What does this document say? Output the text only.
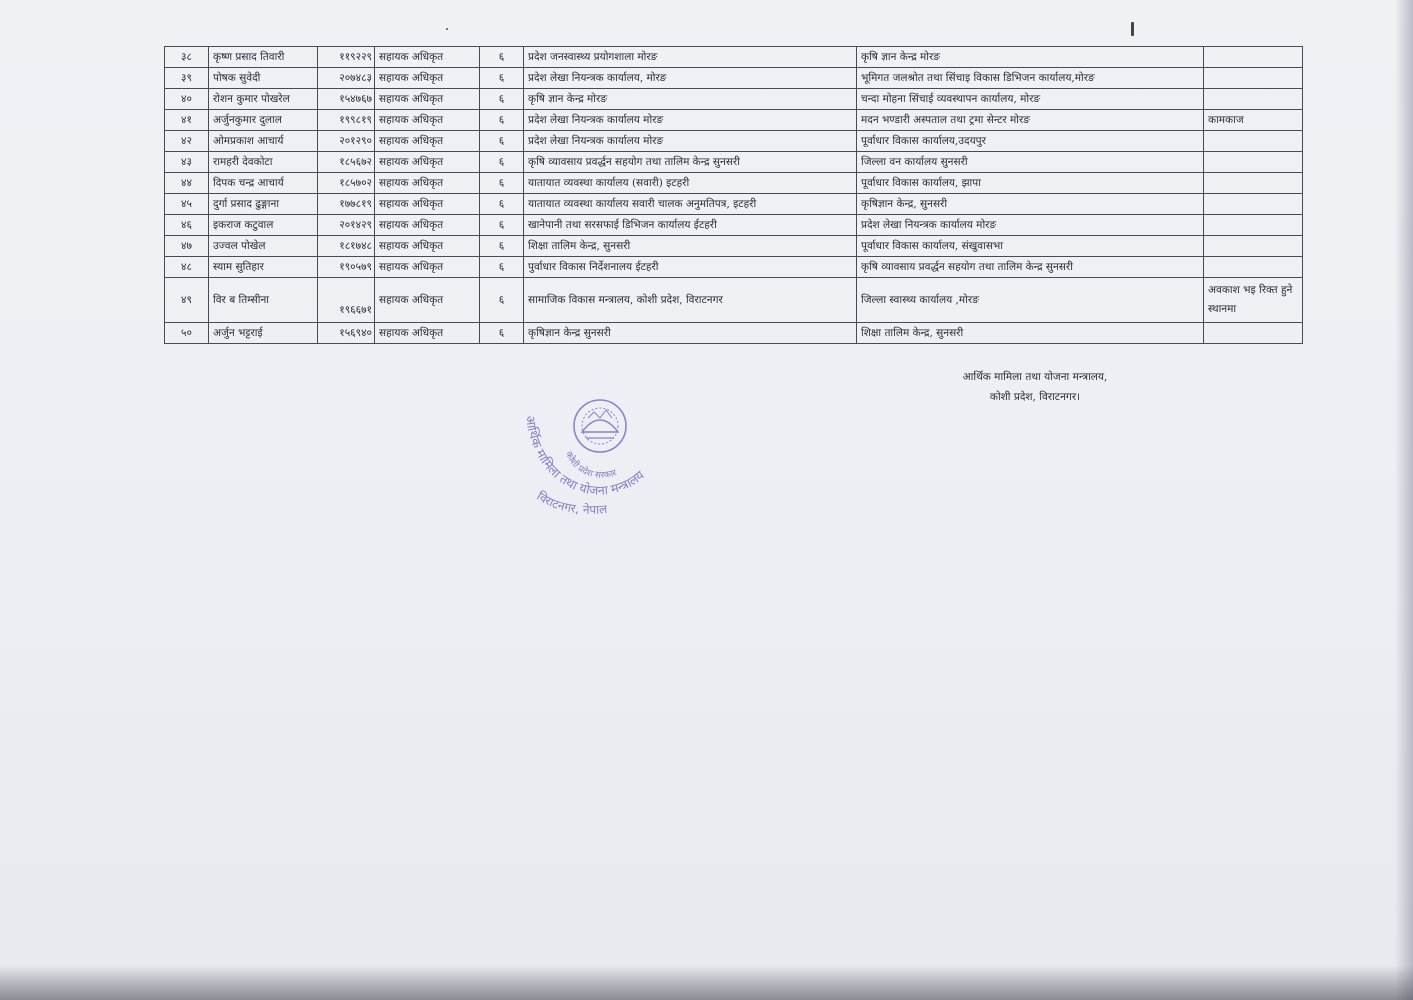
३८	कृष्ण प्रसाद तिवारी	११९२२९	सहायक अधिकृत	६	प्रदेश जनस्वास्थ्य प्रयोगशाला मोरङ	कृषि ज्ञान केन्द्र मोरङ	
३९	पोषक सुवेदी	२०७४८३	सहायक अधिकृत	६	प्रदेश लेखा नियन्त्रक कार्यालय, मोरङ	भूमिगत जलश्रोत तथा सिंचाइ विकास डिभिजन कार्यालय,मोरङ	
४०	रोशन कुमार पोखरेल	१५४७६७	सहायक अधिकृत	६	कृषि ज्ञान केन्द्र मोरङ	चन्दा मोहना सिंचाई व्यवस्थापन कार्यालय, मोरङ	
४१	अर्जुनकुमार दुलाल	१९९८१९	सहायक अधिकृत	६	प्रदेश लेखा नियन्त्रक कार्यालय मोरङ	मदन भण्डारी अस्पताल तथा ट्रमा सेन्टर मोरङ	कामकाज
४२	ओमप्रकाश आचार्य	२०१२९०	सहायक अधिकृत	६	प्रदेश लेखा नियन्त्रक कार्यालय मोरङ	पूर्वाधार विकास कार्यालय,उदयपुर	
४३	रामहरी देवकोटा	१८५६७२	सहायक अधिकृत	६	कृषि व्यावसाय प्रवर्द्धन सहयोग तथा तालिम केन्द्र सुनसरी	जिल्ला वन कार्यालय सुनसरी	
४४	दिपक चन्द्र आचार्य	१८५७०२	सहायक अधिकृत	६	यातायात व्यवस्था कार्यालय (सवारी) इटहरी	पूर्वाधार विकास कार्यालय, झापा	
४५	दुर्गा प्रसाद ढुङ्गाना	१७७८१९	सहायक अधिकृत	६	यातायात व्यवस्था कार्यालय सवारी चालक अनुमतिपत्र, इटहरी	कृषिज्ञान केन्द्र, सुनसरी	
४६	इकराज कटुवाल	२०१४२९	सहायक अधिकृत	६	खानेपानी तथा सरसफाई डिभिजन कार्यालय ईटहरी	प्रदेश लेखा नियन्त्रक कार्यालय मोरङ	
४७	उज्वल पोखेल	१८१७४८	सहायक अधिकृत	६	शिक्षा तालिम केन्द्र, सुनसरी	पूर्वाधार विकास कार्यालय, संखुवासभा	
४८	स्याम सुतिहार	१९०५७९	सहायक अधिकृत	६	पुर्वाधार विकास निर्देशनालय ईटहरी	कृषि व्यावसाय प्रवर्द्धन सहयोग तथा तालिम केन्द्र सुनसरी	
४९	विर ब तिम्सीना	१९६६७१	सहायक अधिकृत	६	सामाजिक विकास मन्त्रालय, कोशी प्रदेश, विराटनगर	जिल्ला स्वास्थ्य कार्यालय ,मोरङ	अवकाश भइ रिक्त हुने स्थानमा
५०	अर्जुन भट्टराई	१५६९४०	सहायक अधिकृत	६	कृषिज्ञान केन्द्र सुनसरी	शिक्षा तालिम केन्द्र, सुनसरी	
आर्थिक मामिला तथा योजना मन्त्रालय,
कोशी प्रदेश, विराटनगर।
आर्थिक मामिला तथा योजना मन्त्रालय
कोशी प्रदेश सरकार
विराटनगर, नेपाल
